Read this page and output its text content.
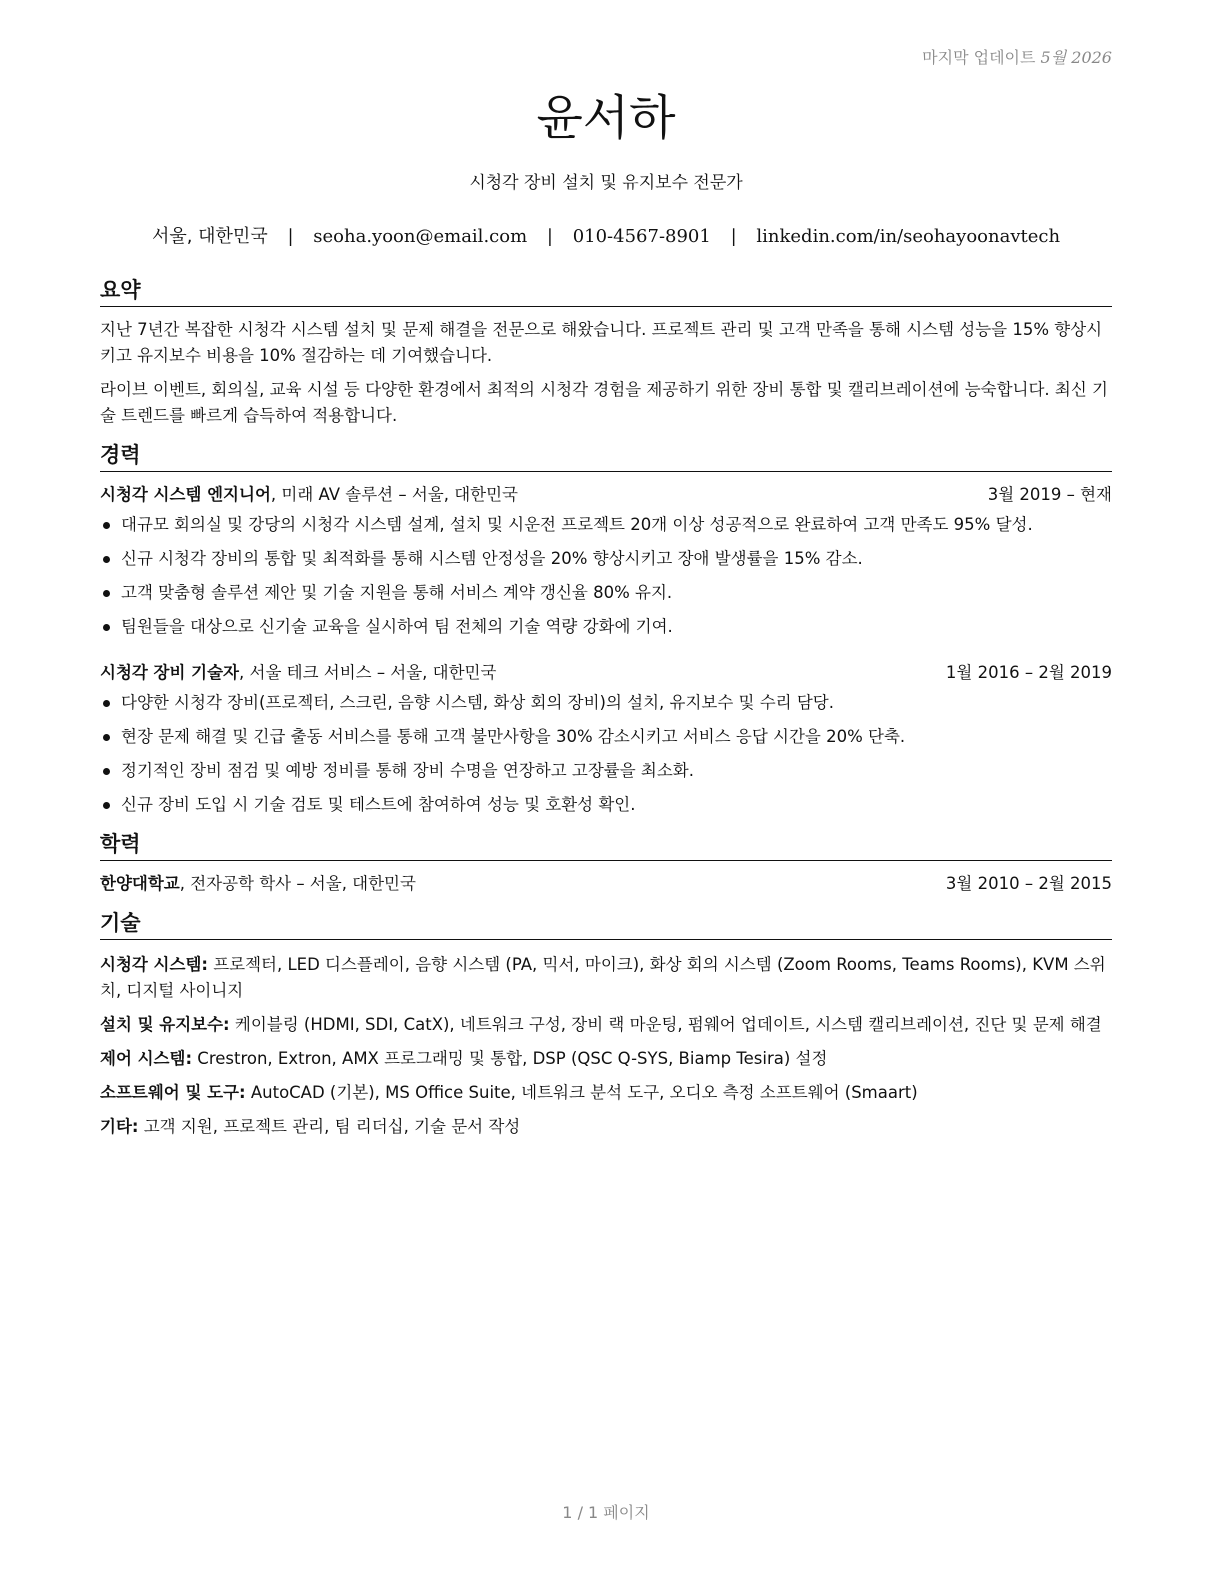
마지막 업데이트 5월 2026
윤서하
시청각 장비 설치 및 유지보수 전문가
서울, 대한민국 | seoha.yoon@email.com | 010-4567-8901 | linkedin.com/in/seohayoonavtech
요약

지난 7년간 복잡한 시청각 시스템 설치 및 문제 해결을 전문으로 해왔습니다. 프로젝트 관리 및 고객 만족을 통해 시스템 성능을 15% 향상시키고 유지보수 비용을 10% 절감하는 데 기여했습니다.

라이브 이벤트, 회의실, 교육 시설 등 다양한 환경에서 최적의 시청각 경험을 제공하기 위한 장비 통합 및 캘리브레이션에 능숙합니다. 최신 기술 트렌드를 빠르게 습득하여 적용합니다.

경력
시청각 시스템 엔지니어, 미래 AV 솔루션 – 서울, 대한민국	3월 2019 – 현재
대규모 회의실 및 강당의 시청각 시스템 설계, 설치 및 시운전 프로젝트 20개 이상 성공적으로 완료하여 고객 만족도 95% 달성.
신규 시청각 장비의 통합 및 최적화를 통해 시스템 안정성을 20% 향상시키고 장애 발생률을 15% 감소.
고객 맞춤형 솔루션 제안 및 기술 지원을 통해 서비스 계약 갱신율 80% 유지.
팀원들을 대상으로 신기술 교육을 실시하여 팀 전체의 기술 역량 강화에 기여.
시청각 장비 기술자, 서울 테크 서비스 – 서울, 대한민국	1월 2016 – 2월 2019
다양한 시청각 장비(프로젝터, 스크린, 음향 시스템, 화상 회의 장비)의 설치, 유지보수 및 수리 담당.
현장 문제 해결 및 긴급 출동 서비스를 통해 고객 불만사항을 30% 감소시키고 서비스 응답 시간을 20% 단축.
정기적인 장비 점검 및 예방 정비를 통해 장비 수명을 연장하고 고장률을 최소화.
신규 장비 도입 시 기술 검토 및 테스트에 참여하여 성능 및 호환성 확인.
학력
한양대학교, 전자공학 학사 – 서울, 대한민국	3월 2010 – 2월 2015
기술
시청각 시스템: 프로젝터, LED 디스플레이, 음향 시스템 (PA, 믹서, 마이크), 화상 회의 시스템 (Zoom Rooms, Teams Rooms), KVM 스위치, 디지털 사이니지
설치 및 유지보수: 케이블링 (HDMI, SDI, CatX), 네트워크 구성, 장비 랙 마운팅, 펌웨어 업데이트, 시스템 캘리브레이션, 진단 및 문제 해결
제어 시스템: Crestron, Extron, AMX 프로그래밍 및 통합, DSP (QSC Q-SYS, Biamp Tesira) 설정
소프트웨어 및 도구: AutoCAD (기본), MS Office Suite, 네트워크 분석 도구, 오디오 측정 소프트웨어 (Smaart)
기타: 고객 지원, 프로젝트 관리, 팀 리더십, 기술 문서 작성
1 / 1 페이지
